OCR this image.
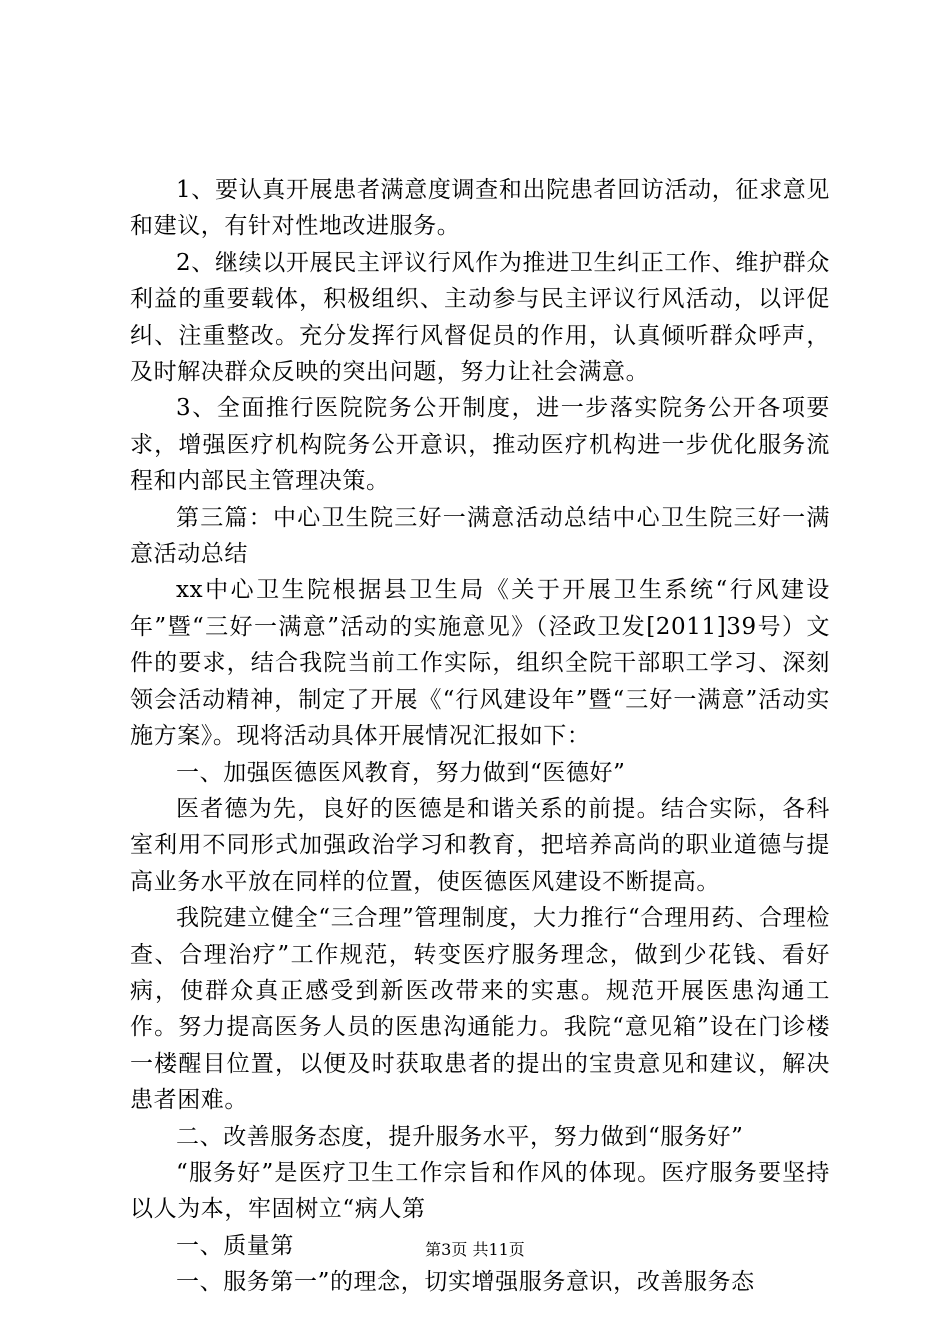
1、要认真开展患者满意度调查和出院患者回访活动，征求意见和建议，有针对性地改进服务。

2、继续以开展民主评议行风作为推进卫生纠正工作、维护群众利益的重要载体，积极组织、主动参与民主评议行风活动，以评促纠、注重整改。充分发挥行风督促员的作用，认真倾听群众呼声，及时解决群众反映的突出问题，努力让社会满意。

3、全面推行医院院务公开制度，进一步落实院务公开各项要求，增强医疗机构院务公开意识，推动医疗机构进一步优化服务流程和内部民主管理决策。

第三篇：中心卫生院三好一满意活动总结中心卫生院三好一满意活动总结

xx中心卫生院根据县卫生局《关于开展卫生系统“行风建设年”暨“三好一满意”活动的实施意见》（泾政卫发[2011]39号）文件的要求，结合我院当前工作实际，组织全院干部职工学习、深刻领会活动精神，制定了开展《“行风建设年”暨“三好一满意”活动实施方案》。现将活动具体开展情况汇报如下：

一、加强医德医风教育，努力做到“医德好”

医者德为先，良好的医德是和谐关系的前提。结合实际，各科室利用不同形式加强政治学习和教育，把培养高尚的职业道德与提高业务水平放在同样的位置，使医德医风建设不断提高。

我院建立健全“三合理”管理制度，大力推行“合理用药、合理检查、合理治疗”工作规范，转变医疗服务理念，做到少花钱、看好病，使群众真正感受到新医改带来的实惠。规范开展医患沟通工作。努力提高医务人员的医患沟通能力。我院“意见箱”设在门诊楼一楼醒目位置，以便及时获取患者的提出的宝贵意见和建议，解决患者困难。

二、改善服务态度，提升服务水平，努力做到“服务好”

“服务好”是医疗卫生工作宗旨和作风的体现。医疗服务要坚持以人为本，牢固树立“病人第

一、质量第

一、服务第一”的理念，切实增强服务意识，改善服务态

第3页 共11页
